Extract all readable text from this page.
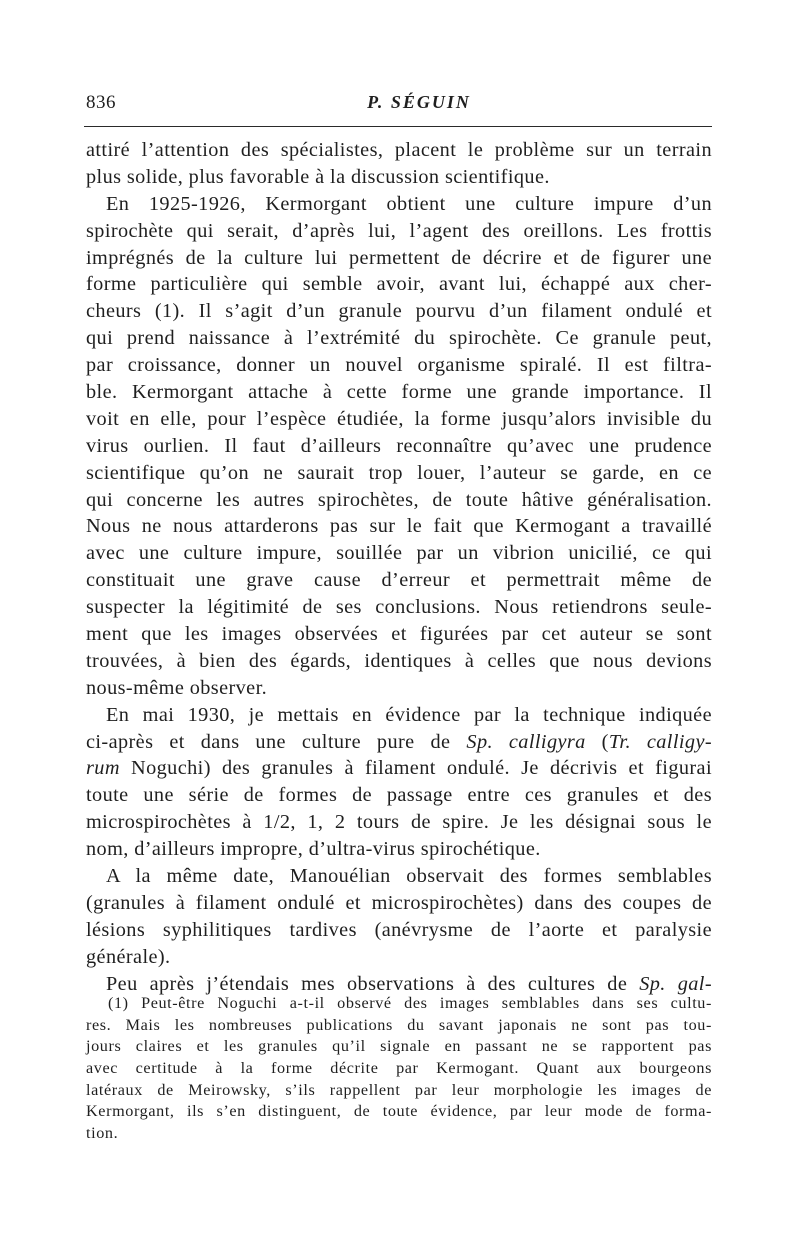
836	P. SÉGUIN
attiré l’attention des spécialistes, placent le problème sur un terrain
plus solide, plus favorable à la discussion scientifique.
En 1925-1926, Kermorgant obtient une culture impure d’un
spirochète qui serait, d’après lui, l’agent des oreillons. Les frottis
imprégnés de la culture lui permettent de décrire et de figurer une
forme particulière qui semble avoir, avant lui, échappé aux cher-
cheurs (1). Il s’agit d’un granule pourvu d’un filament ondulé et
qui prend naissance à l’extrémité du spirochète. Ce granule peut,
par croissance, donner un nouvel organisme spiralé. Il est filtra-
ble. Kermorgant attache à cette forme une grande importance. Il
voit en elle, pour l’espèce étudiée, la forme jusqu’alors invisible du
virus ourlien. Il faut d’ailleurs reconnaître qu’avec une prudence
scientifique qu’on ne saurait trop louer, l’auteur se garde, en ce
qui concerne les autres spirochètes, de toute hâtive généralisation.
Nous ne nous attarderons pas sur le fait que Kermogant a travaillé
avec une culture impure, souillée par un vibrion unicilié, ce qui
constituait une grave cause d’erreur et permettrait même de
suspecter la légitimité de ses conclusions. Nous retiendrons seule-
ment que les images observées et figurées par cet auteur se sont
trouvées, à bien des égards, identiques à celles que nous devions
nous-même observer.
En mai 1930, je mettais en évidence par la technique indiquée
ci-après et dans une culture pure de Sp. calligyra (Tr. calligy-
rum Noguchi) des granules à filament ondulé. Je décrivis et figurai
toute une série de formes de passage entre ces granules et des
microspirochètes à 1/2, 1, 2 tours de spire. Je les désignai sous le
nom, d’ailleurs impropre, d’ultra-virus spirochétique.
A la même date, Manouélian observait des formes semblables
(granules à filament ondulé et microspirochètes) dans des coupes de
lésions syphilitiques tardives (anévrysme de l’aorte et paralysie
générale).
Peu après j’étendais mes observations à des cultures de Sp. gal-
(1) Peut-être Noguchi a-t-il observé des images semblables dans ses cultu-
res. Mais les nombreuses publications du savant japonais ne sont pas tou-
jours claires et les granules qu’il signale en passant ne se rapportent pas
avec certitude à la forme décrite par Kermogant. Quant aux bourgeons
latéraux de Meirowsky, s’ils rappellent par leur morphologie les images de
Kermorgant, ils s’en distinguent, de toute évidence, par leur mode de forma-
tion.
